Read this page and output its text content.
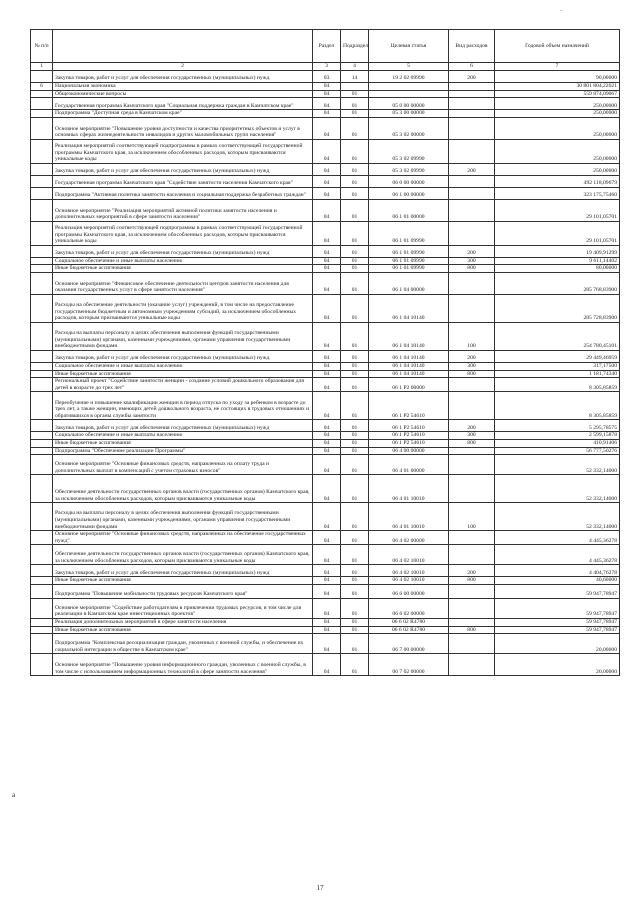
-
a
№ п/п		Раздел	Подраздел	Целевая статья	Вид расходов	Годовой объем назначений
1	2	3	4	5	6	7
	Закупка товаров, работ и услуг для обеспечения государственных (муниципальных) нужд	03	14	19 2 02 09990	200	90,00000
6	Национальная экономика	04				30 801 804,22021
	Общеэкономические вопросы	04	01			559 874,09067
	Государственная программа Камчатского края "Социальная поддержка граждан в Камчатском крае"	04	01	05 0 00 00000		250,00000
	Подпрограмма "Доступная среда в Камчатском крае"	04	01	05 3 00 00000		250,00000
	Основное мероприятие "Повышение уровня доступности и качества приоритетных объектов и услуг в основных сферах жизнедеятельности инвалидов и других маломобильных групп населения"	04	01	05 3 02 00000		250,00000
	Реализация мероприятий соответствующей подпрограммы в рамках соответствующей государственной программы Камчатского края, за исключением обособленных расходов, которым присваиваются уникальные коды	04	01	05 3 02 09990		250,00000
	Закупка товаров, работ и услуг для обеспечения государственных (муниципальных) нужд	04	01	05 3 02 09990	200	250,00000
	Государственная программа Камчатского края "Содействие занятости населения Камчатского края"	04	01	06 0 00 00000		492 118,09679
	Подпрограмма "Активная политика занятости населения и социальная поддержка безработных граждан"	04	01	06 1 00 00000		323 175,75460
	Основное мероприятие "Реализация мероприятий активной политики занятости населения и дополнительных мероприятий в сфере занятости населения"	04	01	06 1 01 00000		29 101,05701
	Реализация мероприятий соответствующей подпрограммы в рамках соответствующей государственной программы Камчатского края, за исключением обособленных расходов, которым присваиваются уникальные коды	04	01	06 1 01 09990		29 101,05701
	Закупка товаров, работ и услуг для обеспечения государственных (муниципальных) нужд	04	01	06 1 01 09990	200	19 409,91299
	Социальное обеспечение и иные выплаты населению	04	01	06 1 01 09990	300	9 611,14402
	Иные бюджетные ассигнования	04	01	06 1 01 09990	800	80,00000
	Основное мероприятие "Финансовое обеспечение деятельности центров занятости населения для оказания государственных услуг в сфере занятости населения"	04	01	06 1 04 00000		285 768,83900
	Расходы на обеспечение деятельности (оказание услуг) учреждений, в том числе на предоставление государственным бюджетным и автономным учреждениям субсидий, за исключением обособленных расходов, которым присваиваются уникальные коды	04	01	06 1 04 10140		285 728,83900
	Расходы на выплаты персоналу в целях обеспечения выполнения функций государственными (муниципальными) органами, казенными учреждениями, органами управления государственными внебюджетными фондами	04	01	06 1 04 10140	100	254 780,45101
	Закупка товаров, работ и услуг для обеспечения государственных (муниципальных) нужд	04	01	06 1 04 10140	200	29 449,46959
	Социальное обеспечение и иные выплаты населению	04	01	06 1 04 10140	300	317,17500
	Иные бюджетные ассигнования	04	01	06 1 04 10140	800	1 181,74340
	Региональный проект "Содействие занятости женщин - создание условий дошкольного образования для детей в возрасте до трех лет"	04	01	06 1 P2 00000		8 305,85859
	Переобучение и повышение квалификации женщин в период отпуска по уходу за ребенком в возрасте до трех лет, а также женщин, имеющих детей дошкольного возраста, не состоящих в трудовых отношениях и обратившихся в органы службы занятости	04	01	06 1 P2 54610		8 305,85859
	Закупка товаров, работ и услуг для обеспечения государственных (муниципальных) нужд	04	01	06 1 P2 54610	200	5 295,78575
	Социальное обеспечение и иные выплаты населению	04	01	06 1 P2 54610	300	2 599,15878
	Иные бюджетные ассигнования	04	01	06 1 P2 54610	800	410,91406
	Подпрограмма "Обеспечение реализации Программы"	04	01	06 4 00 00000		56 777,50276
	Основное мероприятие "Основные финансовых средств, направленных на оплату труда и дополнительных выплат в компенсаций с учетом страховых взносов"	04	01	06 4 01 00000		52 332,14000
	Обеспечение деятельности государственных органов власти (государственных органов) Камчатского края, за исключением обособленных расходов, которым присваиваются уникальные коды	04	01	06 4 01 10010		52 332,14000
	Расходы на выплаты персоналу в целях обеспечения выполнения функций государственными (муниципальными) органами, казенными учреждениями, органами управления государственными внебюджетными фондами	04	01	06 4 01 10010	100	52 332,14000
	Основное мероприятие "Основные финансовых средств, направленных на обеспечение государственных нужд"	04	01	06 4 02 00000		4 445,36278
	Обеспечение деятельности государственных органов власти (государственных органов) Камчатского края, за исключением обособленных расходов, которым присваиваются уникальные коды	04	01	06 4 02 10010		4 445,36278
	Закупка товаров, работ и услуг для обеспечения государственных (муниципальных) нужд	04	01	06 4 02 10010	200	4 404,76278
	Иные бюджетные ассигнования	04	01	06 4 02 10010	800	40,60000
	Подпрограмма "Повышение мобильности трудовых ресурсов Камчатского края"	04	01	06 6 00 00000		59 947,78947
	Основное мероприятие "Содействие работодателям в привлечении трудовых ресурсов, в том числе для реализации в Камчатском крае инвестиционных проектов"	04	01	06 6 02 00000		59 947,78947
	Реализация дополнительных мероприятий в сфере занятости населения	04	01	06 6 02 R4780		59 947,78947
	Иные бюджетные ассигнования	04	01	06 6 02 R4780	800	59 947,78947
	Подпрограмма "Комплексная ресоциализация граждан, уволенных с военной службы, и обеспечение их социальной интеграции в обществе в Камчатском крае"	04	01	06 7 00 00000		20,00000
	Основное мероприятие "Повышение уровня информационного граждан, уволенных с военной службы, в том числе с использованием информационных технологий в сфере занятости населения"	04	01	06 7 02 00000		20,00000
17
